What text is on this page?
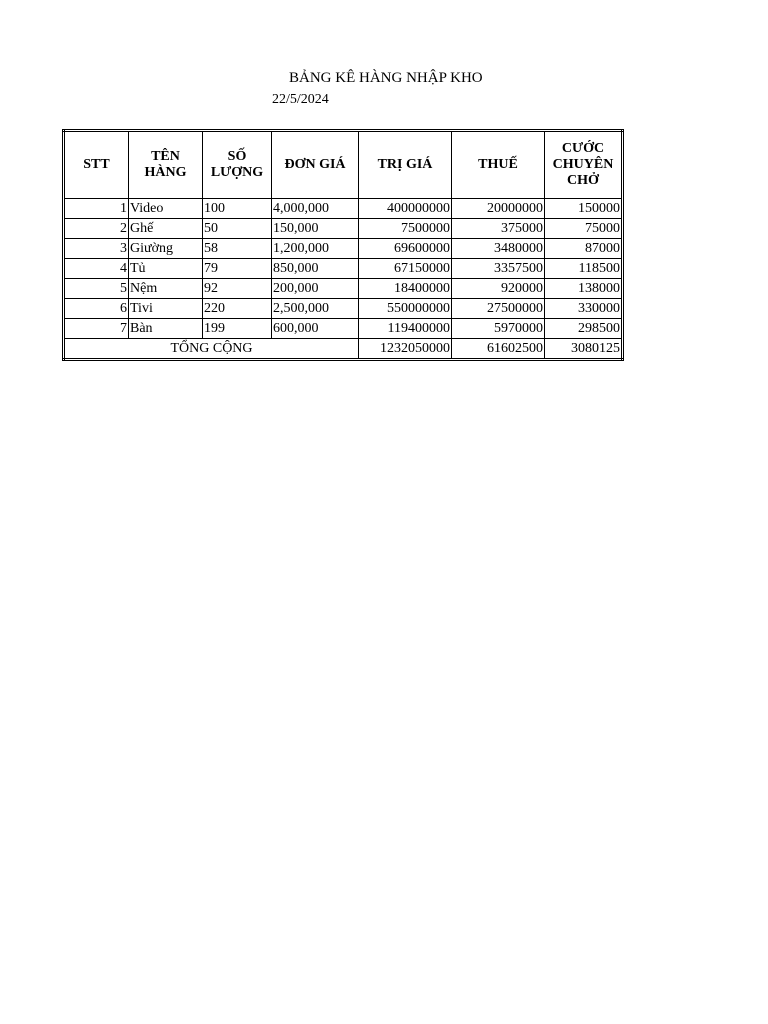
BẢNG KÊ HÀNG NHẬP KHO
22/5/2024
STT	TÊN HÀNG	SỐ LƯỢNG	ĐƠN GIÁ	TRỊ GIÁ	THUẾ	CƯỚC CHUYÊN CHỞ
1	Video	100	4,000,000	400000000	20000000	150000
2	Ghế	50	150,000	7500000	375000	75000
3	Giường	58	1,200,000	69600000	3480000	87000
4	Tủ	79	850,000	67150000	3357500	118500
5	Nệm	92	200,000	18400000	920000	138000
6	Tivi	220	2,500,000	550000000	27500000	330000
7	Bàn	199	600,000	119400000	5970000	298500
TỔNG CỘNG				1232050000	61602500	3080125
